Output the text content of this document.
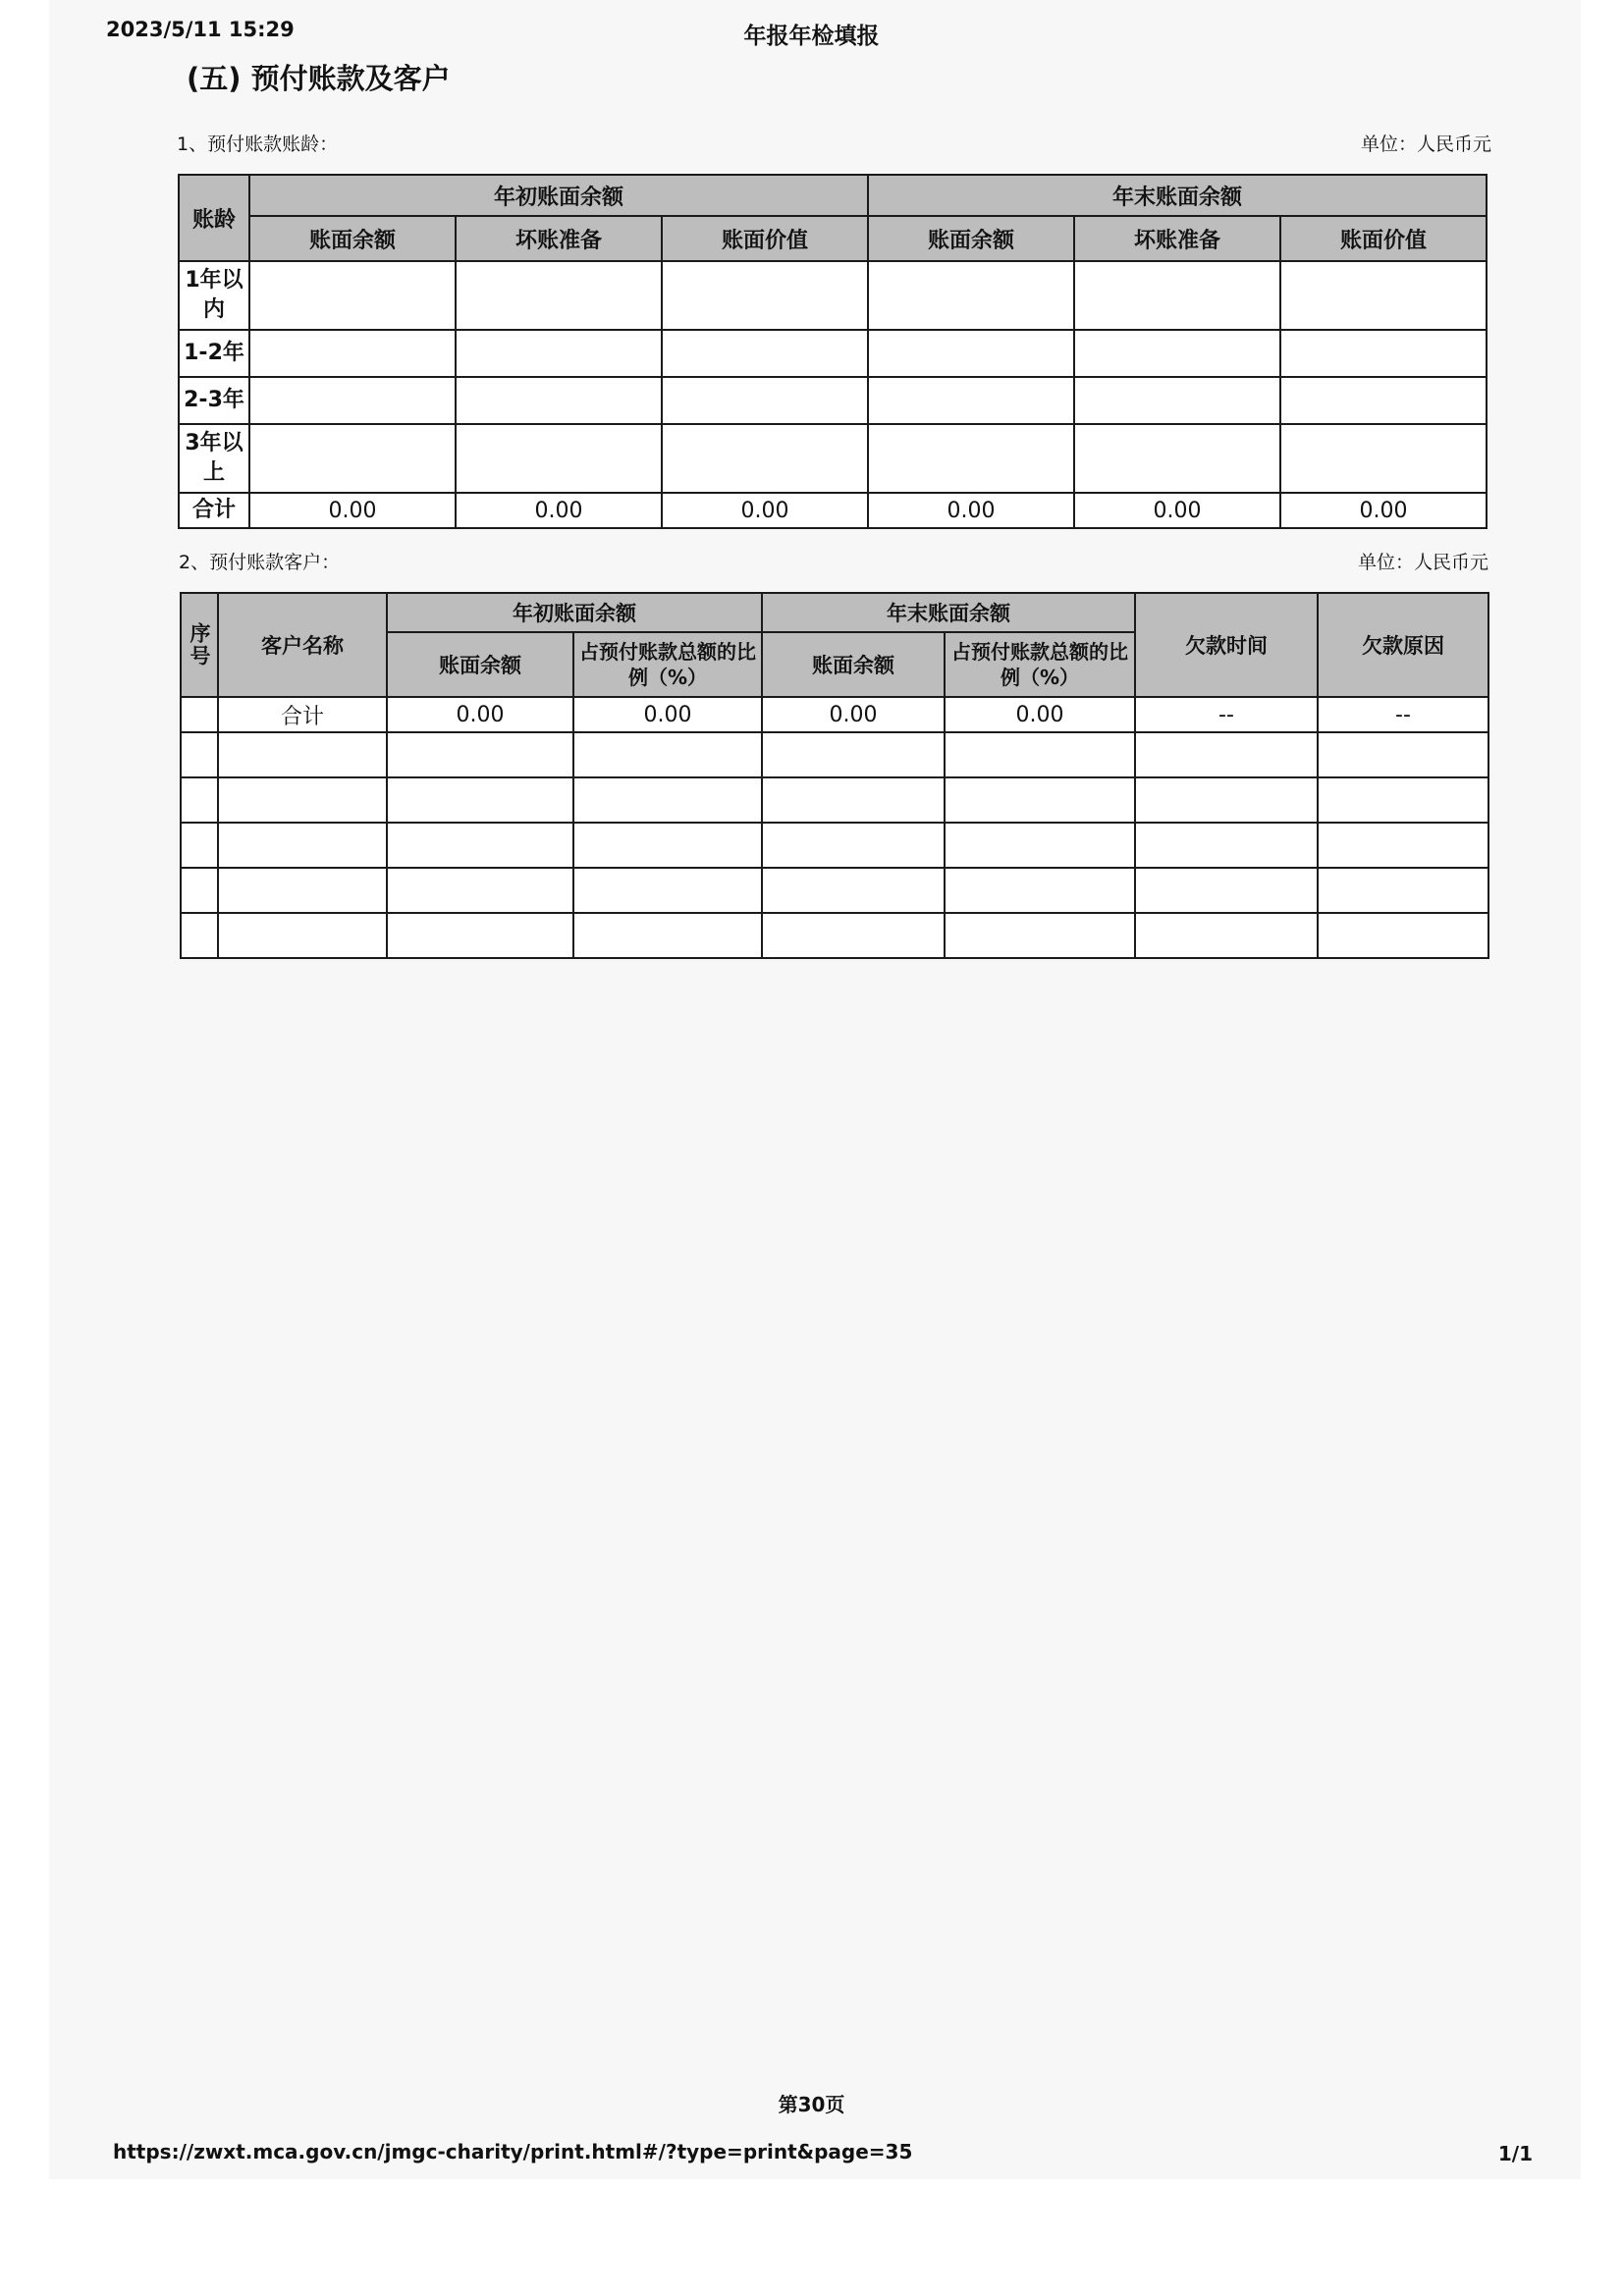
2023/5/11 15:29	年报年检填报
(五) 预付账款及客户
1、预付账款账龄：	单位：人民币元
账龄	年初账面余额			年末账面余额		
	账面余额	坏账准备	账面价值	账面余额	坏账准备	账面价值
1年以内						
1-2年						
2-3年						
3年以上						
合计	0.00	0.00	0.00	0.00	0.00	0.00
2、预付账款客户：	单位：人民币元
序号	客户名称	年初账面余额		年末账面余额		欠款时间	欠款原因
		账面余额	占预付账款总额的比例（%）	账面余额	占预付账款总额的比例（%）		
	合计	0.00	0.00	0.00	0.00	--	--

第30页
https://zwxt.mca.gov.cn/jmgc-charity/print.html#/?type=print&page=35	1/1
